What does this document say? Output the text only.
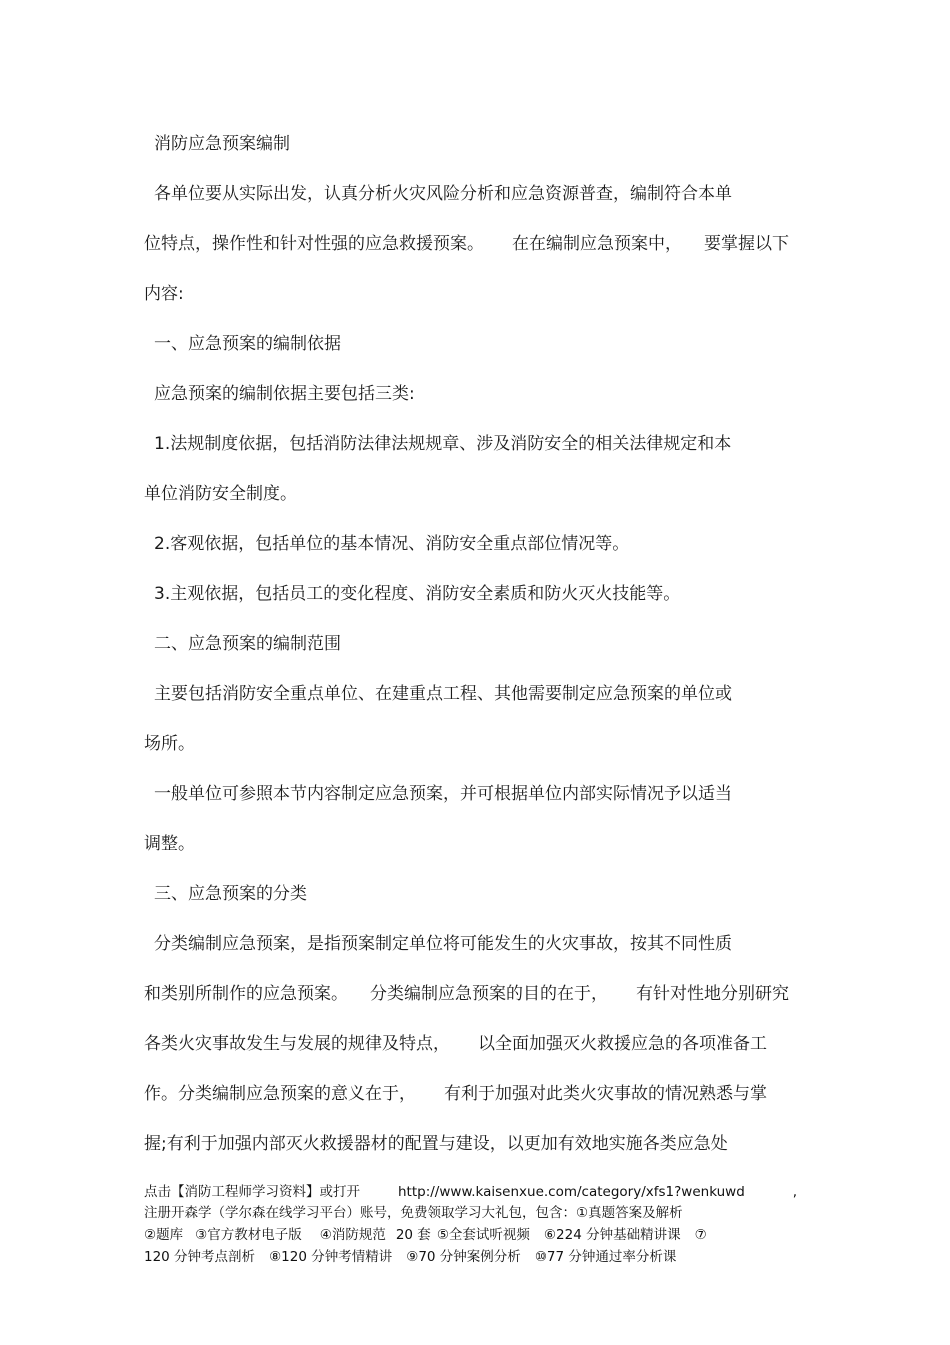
消防应急预案编制
各单位要从实际出发，认真分析火灾风险分析和应急资源普查，编制符合本单
位特点，操作性和针对性强的应急救援预案。 在在编制应急预案中， 要掌握以下
内容:
一、应急预案的编制依据
应急预案的编制依据主要包括三类:
1.法规制度依据，包括消防法律法规规章、涉及消防安全的相关法律规定和本
单位消防安全制度。
2.客观依据，包括单位的基本情况、消防安全重点部位情况等。
3.主观依据，包括员工的变化程度、消防安全素质和防火灭火技能等。
二、应急预案的编制范围
主要包括消防安全重点单位、在建重点工程、其他需要制定应急预案的单位或
场所。
一般单位可参照本节内容制定应急预案，并可根据单位内部实际情况予以适当
调整。
三、应急预案的分类
分类编制应急预案，是指预案制定单位将可能发生的火灾事故，按其不同性质
和类别所制作的应急预案。 分类编制应急预案的目的在于， 有针对性地分别研究
各类火灾事故发生与发展的规律及特点， 以全面加强灭火救援应急的各项准备工
作。分类编制应急预案的意义在于， 有利于加强对此类火灾事故的情况熟悉与掌
握;有利于加强内部灭火救援器材的配置与建设，以更加有效地实施各类应急处
点击【消防工程师学习资料】或打开	http://www.kaisenxue.com/category/xfs1?wenkuwd	,
注册开森学（学尔森在线学习平台）账号，免费领取学习大礼包，包含：①真题答案及解析
②题库 ③官方教材电子版 ④消防规范 20 套 ⑤全套试听视频 ⑥224 分钟基础精讲课 ⑦
120 分钟考点剖析 ⑧120 分钟考情精讲 ⑨70 分钟案例分析 ⑩77 分钟通过率分析课
